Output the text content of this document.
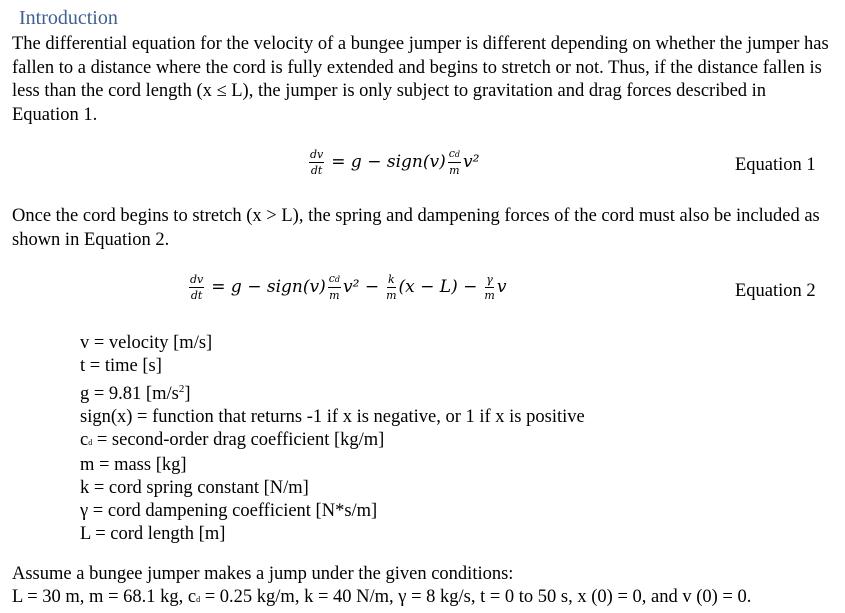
Introduction
The differential equation for the velocity of a bungee jumper is different depending on whether the jumper has fallen to a distance where the cord is fully extended and begins to stretch or not. Thus, if the distance fallen is less than the cord length (x ≤ L), the jumper is only subject to gravitation and drag forces described in Equation 1.
$\frac{dv}{dt} = g$ − sign(v) $\frac{cd}{m} v^2$	Equation 1
Once the cord begins to stretch (x > L), the spring and dampening forces of the cord must also be included as shown in Equation 2.
$\frac{dv}{dt} = g$ − sign(v) $\frac{cd}{m} v^2 - \frac{k}{m} (x - L) - \frac{\gamma}{m}$ v	Equation 2
v = velocity [m/s]
t = time [s]
g = 9.81 $[m/s^2]$
sign(x) = function that returns -1 if x is negative, or 1 if x is positive
cd = second-order drag coefficient [kg/m]
m = mass [kg]
k = cord spring constant [N/m]
γ = cord dampening coefficient [N*s/m]
L = cord length [m]
Assume a bungee jumper makes a jump under the given conditions:
L = 30 m, m = 68.1 kg, cd = 0.25 kg/m, k = 40 N/m, γ = 8 kg/s, t = 0 to 50 s, x (0) = 0, and v (0) = 0.
